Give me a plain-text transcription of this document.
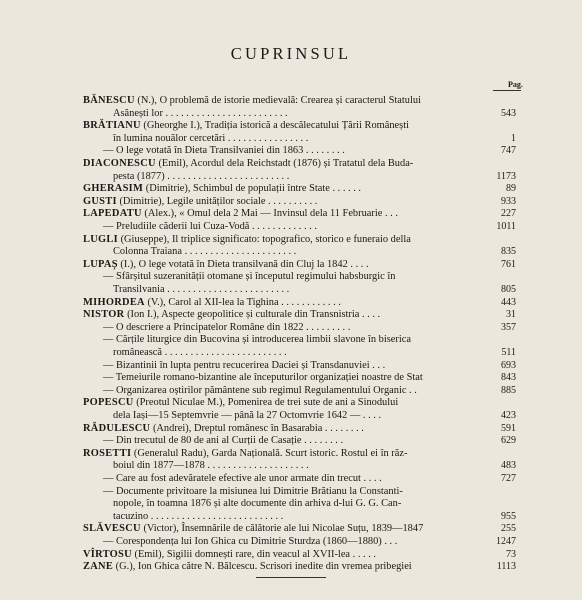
CUPRINSUL
Pag.
BĂNESCU (N.), O problemă de istorie medievală: Crearea și caracterul Statului
Asănești lor . . . . . . . . . . . . . . . . . . . . . . . .	543
BRĂTIANU (Gheorghe I.), Tradiția istorică a descălecatului Țării Românești
în lumina nouălor cercetări . . . . . . . . . . . . . . . .	1
— O lege votată în Dieta Transilvaniei din 1863 . . . . . . . .	747
DIACONESCU (Emil), Acordul dela Reichstadt (1876) și Tratatul dela Buda-
pesta (1877) . . . . . . . . . . . . . . . . . . . . . . . .	1173
GHERASIM (Dimitrie), Schimbul de populații între State . . . . . .	89
GUSTI (Dimitrie), Legile unităților sociale . . . . . . . . . .	933
LAPEDATU (Alex.), « Omul dela 2 Mai — Invinsul dela 11 Februarie . . .	227
— Preludiile căderii lui Cuza-Vodă . . . . . . . . . . . . .	1011
LUGLI (Giuseppe), Il triplice significato: topografico, storico e funeraio della
Colonna Traiana . . . . . . . . . . . . . . . . . . . . . .	835
LUPAȘ (I.), O lege votată în Dieta transilvană din Cluj la 1842 . . . .	761
— Sfârșitul suzeranității otomane și începutul regimului habsburgic în
Transilvania . . . . . . . . . . . . . . . . . . . . . . . .	805
MIHORDEA (V.), Carol al XII-lea la Tighina . . . . . . . . . . . .	443
NISTOR (Ion I.), Aspecte geopolitice și culturale din Transnistria . . . .	31
— O descriere a Principatelor Române din 1822 . . . . . . . . .	357
— Cărțile liturgice din Bucovina și introducerea limbii slavone în biserica
românească . . . . . . . . . . . . . . . . . . . . . . . .	511
— Bizantinii în lupta pentru recucerirea Daciei și Transdanuviei . . .	693
— Temeiurile romano-bizantine ale începuturilor organizației noastre de Stat	843
— Organizarea oștirilor pământene sub regimul Regulamentului Organic . .	885
POPESCU (Preotul Niculae M.), Pomenirea de trei sute de ani a Sinodului
dela Iași—15 Septemvrie — până la 27 Octomvrie 1642 — . . . .	423
RĂDULESCU (Andrei), Dreptul românesc în Basarabia . . . . . . . .	591
— Din trecutul de 80 de ani al Curții de Casație . . . . . . . .	629
ROSETTI (Generalul Radu), Garda Națională. Scurt istoric. Rostul ei în răz-
boiul din 1877—1878 . . . . . . . . . . . . . . . . . . . .	483
— Care au fost adevăratele efective ale unor armate din trecut . . . .	727
— Documente privitoare la misiunea lui Dimitrie Brătianu la Constanti-
nopole, în toamna 1876 și alte documente din arhiva d-lui G. G. Can-
tacuzino . . . . . . . . . . . . . . . . . . . . . . . . . .	955
SLĂVESCU (Victor), Însemnările de călătorie ale lui Nicolae Suțu, 1839—1847	255
— Corespondența lui Ion Ghica cu Dimitrie Sturdza (1860—1880) . . .	1247
VÎRTOSU (Emil), Sigilii domnești rare, din veacul al XVII-lea . . . . .	73
ZANE (G.), Ion Ghica către N. Bălcescu. Scrisori inedite din vremea pribegiei	1113
